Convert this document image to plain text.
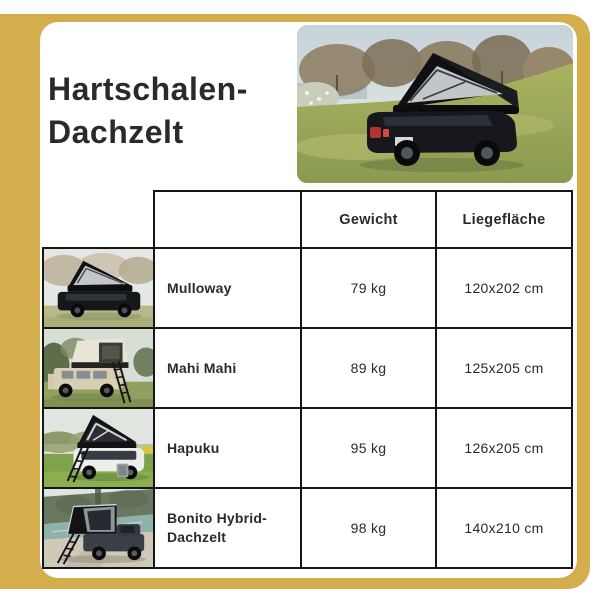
Hartschalen-
Dachzelt
		Gewicht	Liegefläche

	Mulloway	79 kg	120x202 cm

	Mahi Mahi	89 kg	125x205 cm

	Hapuku	95 kg	126x205 cm

	Bonito Hybrid-Dachzelt	98 kg	140x210 cm
